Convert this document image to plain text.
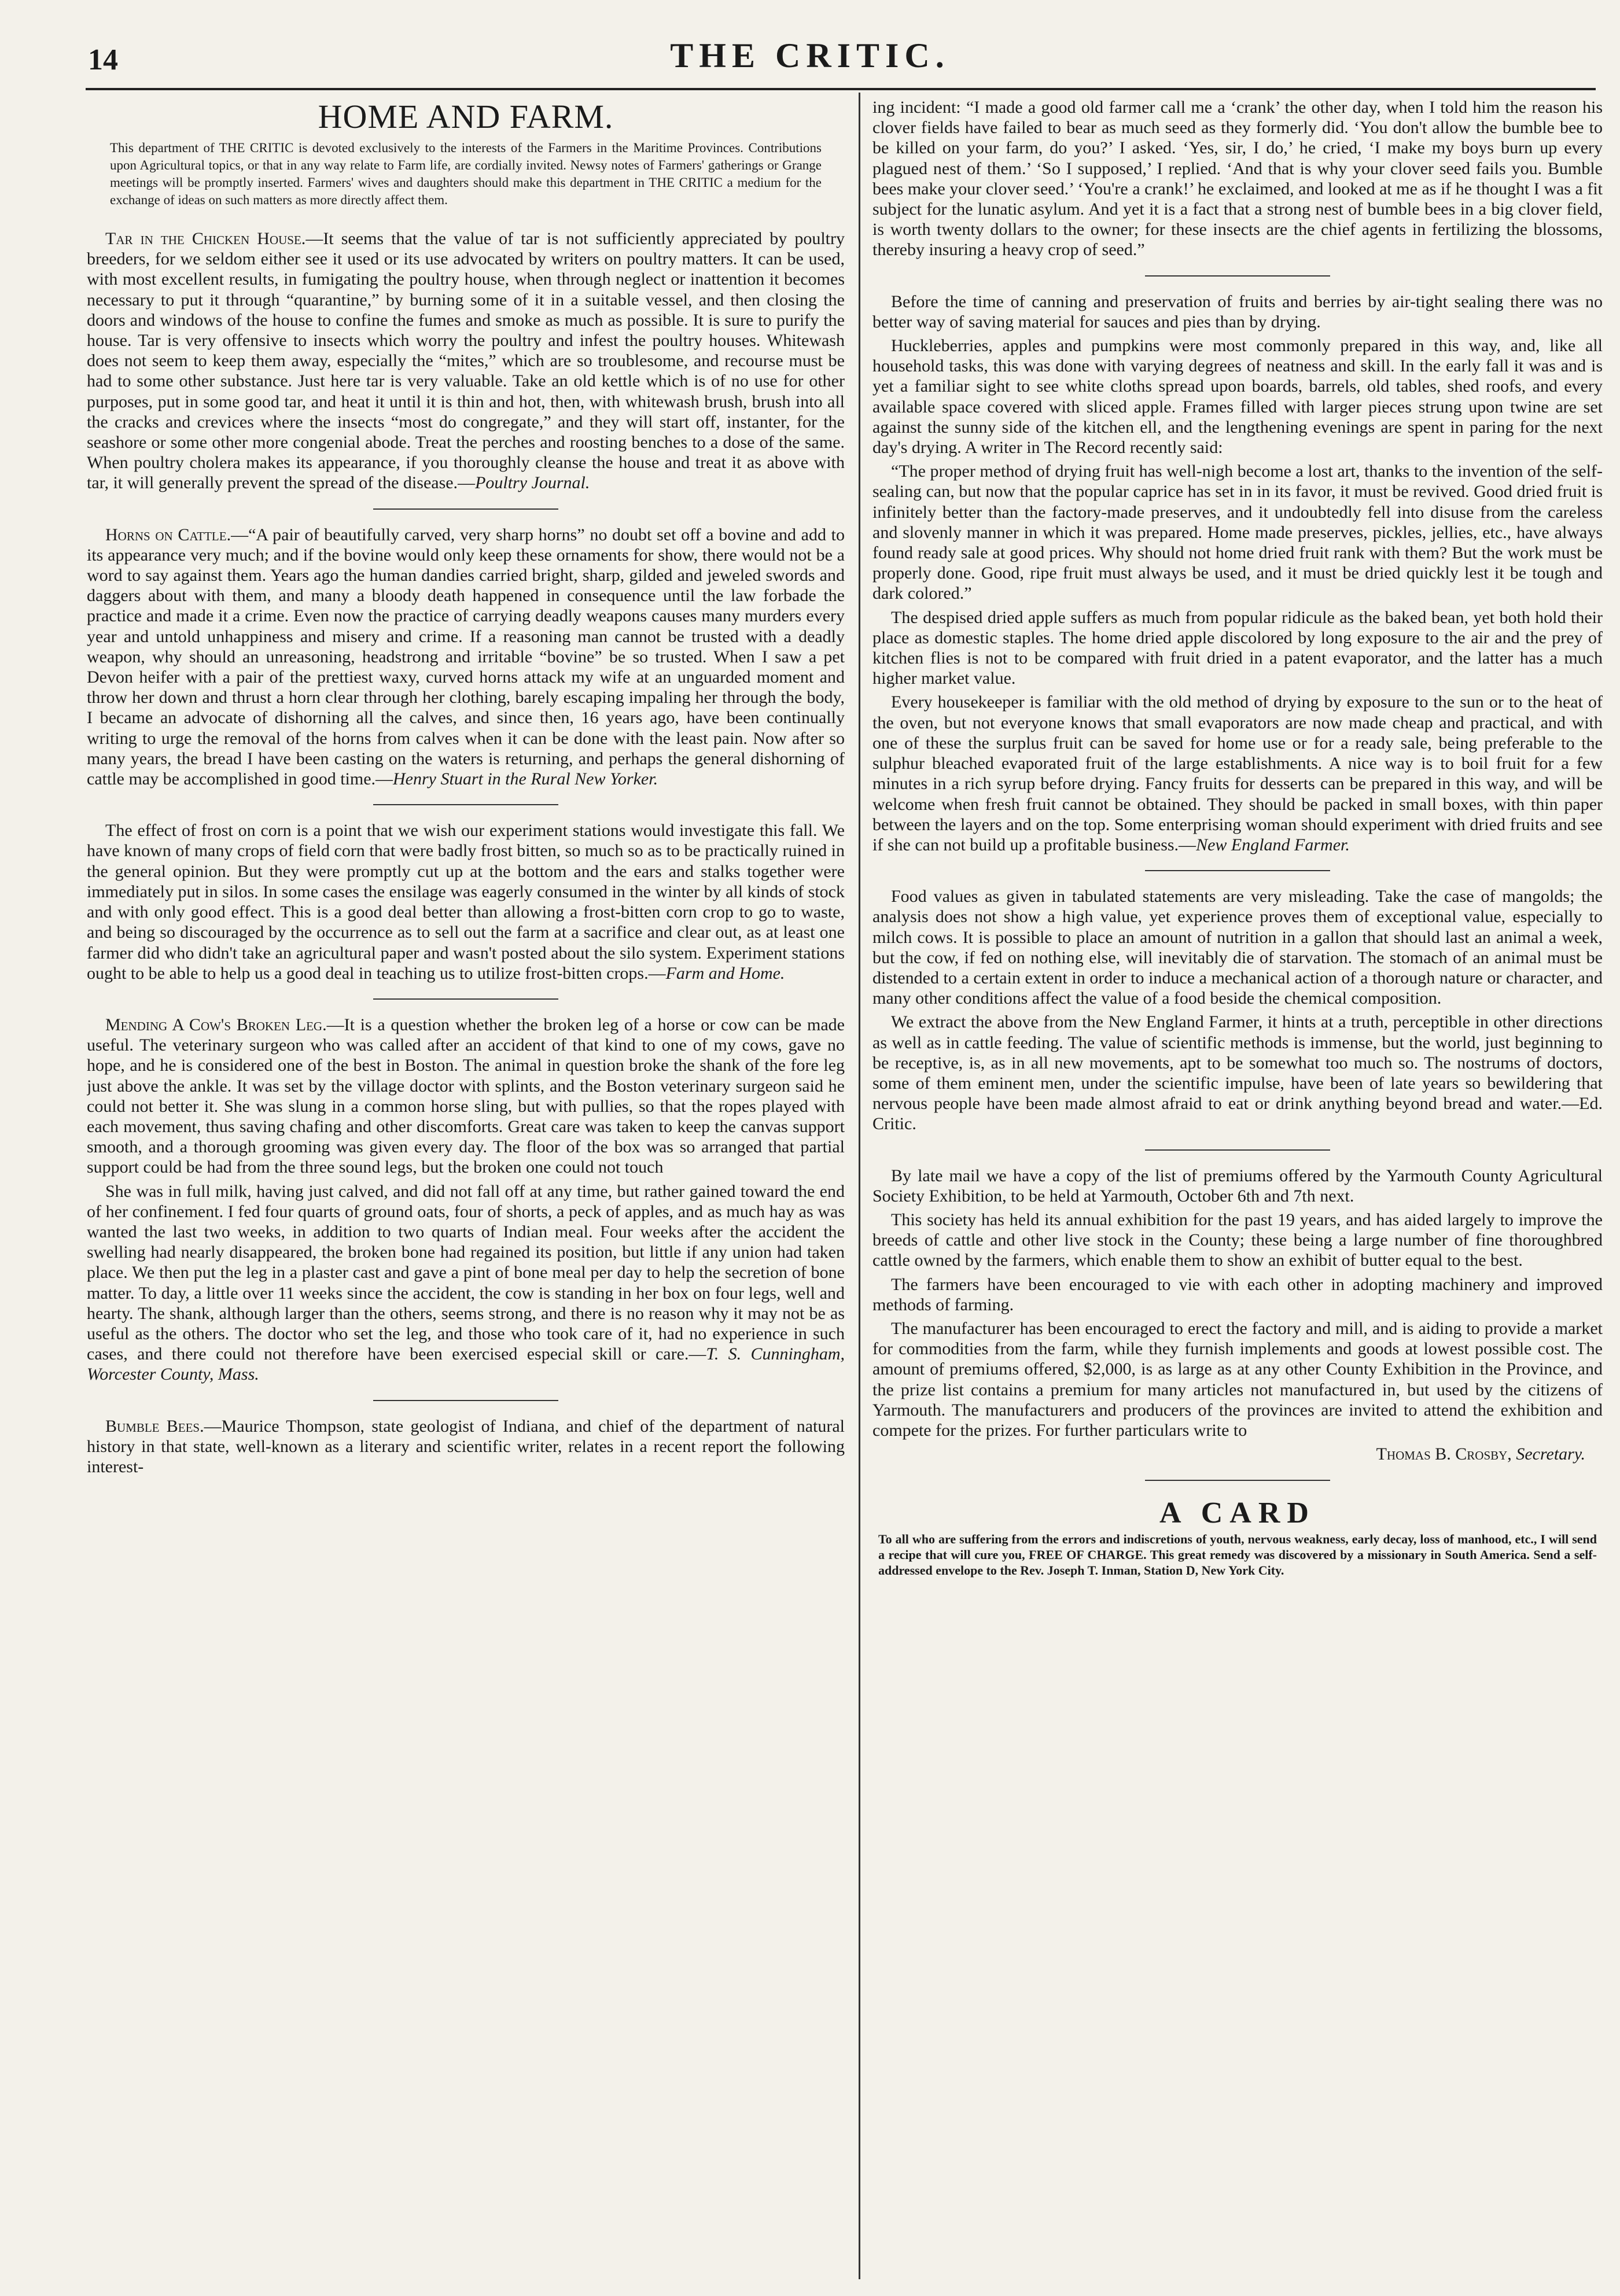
14	THE CRITIC.
HOME AND FARM.
This department of THE CRITIC is devoted exclusively to the interests of the Farmers in the Maritime Provinces. Contributions upon Agricultural topics, or that in any way relate to Farm life, are cordially invited. Newsy notes of Farmers' gatherings or Grange meetings will be promptly inserted. Farmers' wives and daughters should make this department in THE CRITIC a medium for the exchange of ideas on such matters as more directly affect them.

Tar in the Chicken House.—It seems that the value of tar is not sufficiently appreciated by poultry breeders, for we seldom either see it used or its use advocated by writers on poultry matters. It can be used, with most excellent results, in fumigating the poultry house, when through neglect or inattention it becomes necessary to put it through “quarantine,” by burning some of it in a suitable vessel, and then closing the doors and windows of the house to confine the fumes and smoke as much as possible. It is sure to purify the house. Tar is very offensive to insects which worry the poultry and infest the poultry houses. Whitewash does not seem to keep them away, especially the “mites,” which are so troublesome, and recourse must be had to some other substance. Just here tar is very valuable. Take an old kettle which is of no use for other purposes, put in some good tar, and heat it until it is thin and hot, then, with whitewash brush, brush into all the cracks and crevices where the insects “most do congregate,” and they will start off, instanter, for the seashore or some other more congenial abode. Treat the perches and roosting benches to a dose of the same. When poultry cholera makes its appearance, if you thoroughly cleanse the house and treat it as above with tar, it will generally prevent the spread of the disease.—Poultry Journal.

Horns on Cattle.—“A pair of beautifully carved, very sharp horns” no doubt set off a bovine and add to its appearance very much; and if the bovine would only keep these ornaments for show, there would not be a word to say against them. Years ago the human dandies carried bright, sharp, gilded and jeweled swords and daggers about with them, and many a bloody death happened in consequence until the law forbade the practice and made it a crime. Even now the practice of carrying deadly weapons causes many murders every year and untold unhappiness and misery and crime. If a reasoning man cannot be trusted with a deadly weapon, why should an unreasoning, headstrong and irritable “bovine” be so trusted. When I saw a pet Devon heifer with a pair of the prettiest waxy, curved horns attack my wife at an unguarded moment and throw her down and thrust a horn clear through her clothing, barely escaping impaling her through the body, I became an advocate of dishorning all the calves, and since then, 16 years ago, have been continually writing to urge the removal of the horns from calves when it can be done with the least pain. Now after so many years, the bread I have been casting on the waters is returning, and perhaps the general dishorning of cattle may be accomplished in good time.—Henry Stuart in the Rural New Yorker.

The effect of frost on corn is a point that we wish our experiment stations would investigate this fall. We have known of many crops of field corn that were badly frost bitten, so much so as to be practically ruined in the general opinion. But they were promptly cut up at the bottom and the ears and stalks together were immediately put in silos. In some cases the ensilage was eagerly consumed in the winter by all kinds of stock and with only good effect. This is a good deal better than allowing a frost-bitten corn crop to go to waste, and being so discouraged by the occurrence as to sell out the farm at a sacrifice and clear out, as at least one farmer did who didn't take an agricultural paper and wasn't posted about the silo system. Experiment stations ought to be able to help us a good deal in teaching us to utilize frost-bitten crops.—Farm and Home.

Mending A Cow's Broken Leg.—It is a question whether the broken leg of a horse or cow can be made useful. The veterinary surgeon who was called after an accident of that kind to one of my cows, gave no hope, and he is considered one of the best in Boston. The animal in question broke the shank of the fore leg just above the ankle. It was set by the village doctor with splints, and the Boston veterinary surgeon said he could not better it. She was slung in a common horse sling, but with pullies, so that the ropes played with each movement, thus saving chafing and other discomforts. Great care was taken to keep the canvas support smooth, and a thorough grooming was given every day. The floor of the box was so arranged that partial support could be had from the three sound legs, but the broken one could not touch

She was in full milk, having just calved, and did not fall off at any time, but rather gained toward the end of her confinement. I fed four quarts of ground oats, four of shorts, a peck of apples, and as much hay as was wanted the last two weeks, in addition to two quarts of Indian meal. Four weeks after the accident the swelling had nearly disappeared, the broken bone had regained its position, but little if any union had taken place. We then put the leg in a plaster cast and gave a pint of bone meal per day to help the secretion of bone matter. To day, a little over 11 weeks since the accident, the cow is standing in her box on four legs, well and hearty. The shank, although larger than the others, seems strong, and there is no reason why it may not be as useful as the others. The doctor who set the leg, and those who took care of it, had no experience in such cases, and there could not therefore have been exercised especial skill or care.—T. S. Cunningham, Worcester County, Mass.

Bumble Bees.—Maurice Thompson, state geologist of Indiana, and chief of the department of natural history in that state, well-known as a literary and scientific writer, relates in a recent report the following interest-

ing incident: “I made a good old farmer call me a ‘crank’ the other day, when I told him the reason his clover fields have failed to bear as much seed as they formerly did. ‘You don't allow the bumble bee to be killed on your farm, do you?’ I asked. ‘Yes, sir, I do,’ he cried, ‘I make my boys burn up every plagued nest of them.’ ‘So I supposed,’ I replied. ‘And that is why your clover seed fails you. Bumble bees make your clover seed.’ ‘You're a crank!’ he exclaimed, and looked at me as if he thought I was a fit subject for the lunatic asylum. And yet it is a fact that a strong nest of bumble bees in a big clover field, is worth twenty dollars to the owner; for these insects are the chief agents in fertilizing the blossoms, thereby insuring a heavy crop of seed.”

Before the time of canning and preservation of fruits and berries by air-tight sealing there was no better way of saving material for sauces and pies than by drying.

Huckleberries, apples and pumpkins were most commonly prepared in this way, and, like all household tasks, this was done with varying degrees of neatness and skill. In the early fall it was and is yet a familiar sight to see white cloths spread upon boards, barrels, old tables, shed roofs, and every available space covered with sliced apple. Frames filled with larger pieces strung upon twine are set against the sunny side of the kitchen ell, and the lengthening evenings are spent in paring for the next day's drying. A writer in The Record recently said:

“The proper method of drying fruit has well-nigh become a lost art, thanks to the invention of the self-sealing can, but now that the popular caprice has set in in its favor, it must be revived. Good dried fruit is infinitely better than the factory-made preserves, and it undoubtedly fell into disuse from the careless and slovenly manner in which it was prepared. Home made preserves, pickles, jellies, etc., have always found ready sale at good prices. Why should not home dried fruit rank with them? But the work must be properly done. Good, ripe fruit must always be used, and it must be dried quickly lest it be tough and dark colored.”

The despised dried apple suffers as much from popular ridicule as the baked bean, yet both hold their place as domestic staples. The home dried apple discolored by long exposure to the air and the prey of kitchen flies is not to be compared with fruit dried in a patent evaporator, and the latter has a much higher market value.

Every housekeeper is familiar with the old method of drying by exposure to the sun or to the heat of the oven, but not everyone knows that small evaporators are now made cheap and practical, and with one of these the surplus fruit can be saved for home use or for a ready sale, being preferable to the sulphur bleached evaporated fruit of the large establishments. A nice way is to boil fruit for a few minutes in a rich syrup before drying. Fancy fruits for desserts can be prepared in this way, and will be welcome when fresh fruit cannot be obtained. They should be packed in small boxes, with thin paper between the layers and on the top. Some enterprising woman should experiment with dried fruits and see if she can not build up a profitable business.—New England Farmer.

Food values as given in tabulated statements are very misleading. Take the case of mangolds; the analysis does not show a high value, yet experience proves them of exceptional value, especially to milch cows. It is possible to place an amount of nutrition in a gallon that should last an animal a week, but the cow, if fed on nothing else, will inevitably die of starvation. The stomach of an animal must be distended to a certain extent in order to induce a mechanical action of a thorough nature or character, and many other conditions affect the value of a food beside the chemical composition.

We extract the above from the New England Farmer, it hints at a truth, perceptible in other directions as well as in cattle feeding. The value of scientific methods is immense, but the world, just beginning to be receptive, is, as in all new movements, apt to be somewhat too much so. The nostrums of doctors, some of them eminent men, under the scientific impulse, have been of late years so bewildering that nervous people have been made almost afraid to eat or drink anything beyond bread and water.—Ed. Critic.

By late mail we have a copy of the list of premiums offered by the Yarmouth County Agricultural Society Exhibition, to be held at Yarmouth, October 6th and 7th next.

This society has held its annual exhibition for the past 19 years, and has aided largely to improve the breeds of cattle and other live stock in the County; these being a large number of fine thoroughbred cattle owned by the farmers, which enable them to show an exhibit of butter equal to the best.

The farmers have been encouraged to vie with each other in adopting machinery and improved methods of farming.

The manufacturer has been encouraged to erect the factory and mill, and is aiding to provide a market for commodities from the farm, while they furnish implements and goods at lowest possible cost. The amount of premiums offered, $2,000, is as large as at any other County Exhibition in the Province, and the prize list contains a premium for many articles not manufactured in, but used by the citizens of Yarmouth. The manufacturers and producers of the provinces are invited to attend the exhibition and compete for the prizes. For further particulars write to

Thomas B. Crosby, Secretary.
A CARD
To all who are suffering from the errors and indiscretions of youth, nervous weakness, early decay, loss of manhood, etc., I will send a recipe that will cure you, FREE OF CHARGE. This great remedy was discovered by a missionary in South America. Send a self-addressed envelope to the Rev. Joseph T. Inman, Station D, New York City.
